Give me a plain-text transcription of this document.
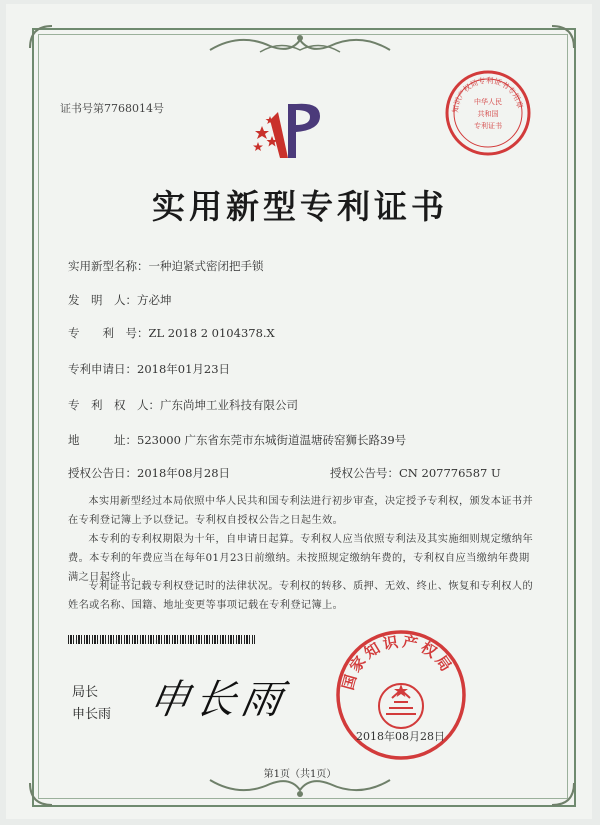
证书号第7768014号	知识产权局专利证书专用章
中华人民
共和国
专利证书
实用新型专利证书
实用新型名称：一种迫紧式密闭把手锁
发　明　人：方必坤
专　　利　号：ZL 2018 2 0104378.X
专利申请日：2018年01月23日
专　利　权　人：广东尚坤工业科技有限公司
地　　　址：523000 广东省东莞市东城街道温塘砖窑狮长路39号
授权公告日：2018年08月28日	授权公告号：CN 207776587 U
本实用新型经过本局依照中华人民共和国专利法进行初步审查，决定授予专利权，颁发本证书并在专利登记簿上予以登记。专利权自授权公告之日起生效。
本专利的专利权期限为十年，自申请日起算。专利权人应当依照专利法及其实施细则规定缴纳年费。本专利的年费应当在每年01月23日前缴纳。未按照规定缴纳年费的，专利权自应当缴纳年费期满之日起终止。
专利证书记载专利权登记时的法律状况。专利权的转移、质押、无效、终止、恢复和专利权人的姓名或名称、国籍、地址变更等事项记载在专利登记簿上。
局长
申长雨 申长雨	国家知识产权局
2018年08月28日
第1页（共1页）
